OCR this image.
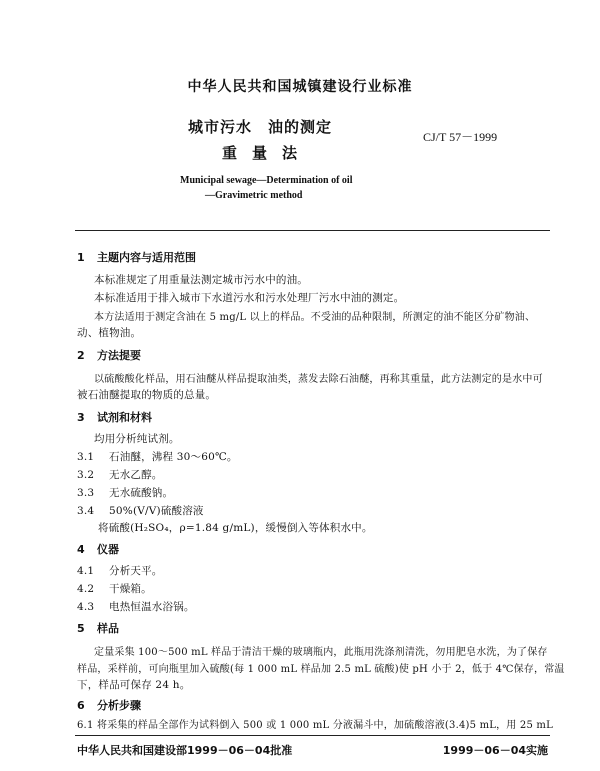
中华人民共和国城镇建设行业标准
城市污水　油的测定
重　量　法
CJ/T 57－1999
Municipal sewage—Determination of oil
—Gravimetric method
1 主题内容与适用范围
本标准规定了用重量法测定城市污水中的油。
本标准适用于排入城市下水道污水和污水处理厂污水中油的测定。
本方法适用于测定含油在 5 mg/L 以上的样品。不受油的品种限制，所测定的油不能区分矿物油、
动、植物油。
2 方法提要
以硫酸酸化样品，用石油醚从样品提取油类，蒸发去除石油醚，再称其重量，此方法测定的是水中可
被石油醚提取的物质的总量。
3 试剂和材料
均用分析纯试剂。
3.1 石油醚，沸程 30～60℃。
3.2 无水乙醇。
3.3 无水硫酸钠。
3.4 50%(V/V)硫酸溶液
将硫酸(H₂SO₄，ρ=1.84 g/mL)，缓慢倒入等体积水中。
4 仪器
4.1 分析天平。
4.2 干燥箱。
4.3 电热恒温水浴锅。
5 样品
定量采集 100～500 mL 样品于清洁干燥的玻璃瓶内，此瓶用洗涤剂清洗，勿用肥皂水洗，为了保存
样品，采样前，可向瓶里加入硫酸(每 1 000 mL 样品加 2.5 mL 硫酸)使 pH 小于 2，低于 4℃保存，常温
下，样品可保存 24 h。
6 分析步骤
6.1 将采集的样品全部作为试料倒入 500 或 1 000 mL 分液漏斗中，加硫酸溶液(3.4)5 mL，用 25 mL
中华人民共和国建设部1999－06－04批准	1999－06－04实施
